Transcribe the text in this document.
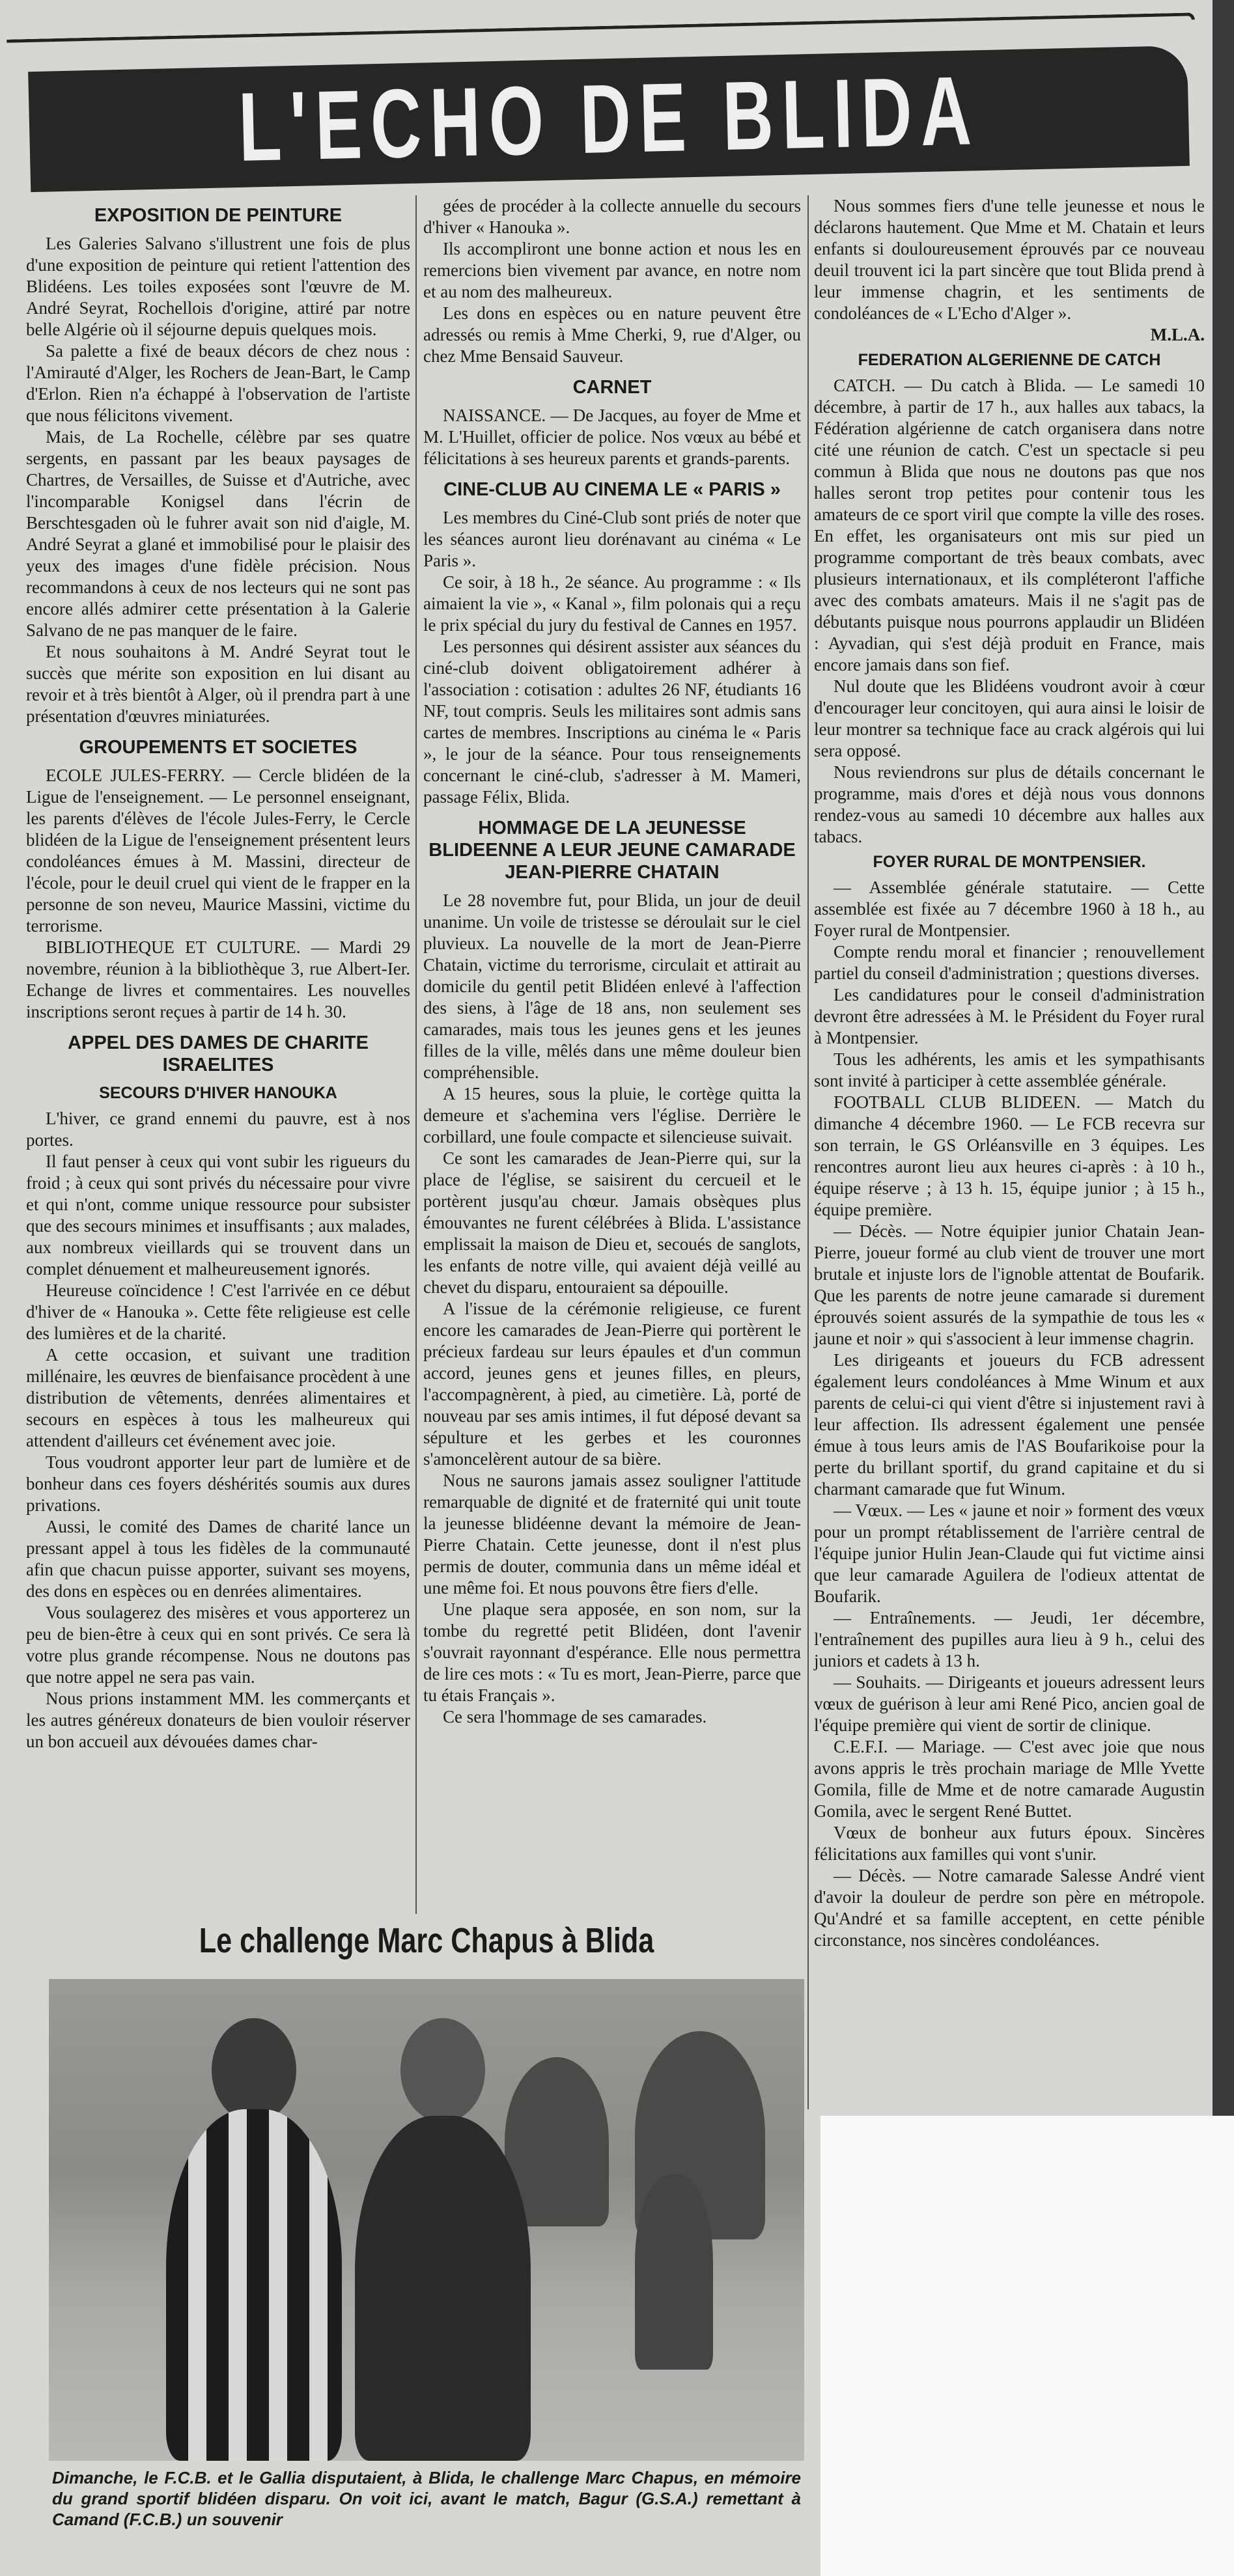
L'ECHO DE BLIDA
EXPOSITION DE PEINTURE

Les Galeries Salvano s'illustrent une fois de plus d'une exposition de peinture qui retient l'attention des Blidéens. Les toiles exposées sont l'œuvre de M. André Seyrat, Rochellois d'origine, attiré par notre belle Algérie où il séjourne depuis quelques mois.

Sa palette a fixé de beaux décors de chez nous : l'Amirauté d'Alger, les Rochers de Jean-Bart, le Camp d'Erlon. Rien n'a échappé à l'observation de l'artiste que nous félicitons vivement.

Mais, de La Rochelle, célèbre par ses quatre sergents, en passant par les beaux paysages de Chartres, de Versailles, de Suisse et d'Autriche, avec l'incomparable Konigsel dans l'écrin de Berschtesgaden où le fuhrer avait son nid d'aigle, M. André Seyrat a glané et immobilisé pour le plaisir des yeux des images d'une fidèle précision. Nous recommandons à ceux de nos lecteurs qui ne sont pas encore allés admirer cette présentation à la Galerie Salvano de ne pas manquer de le faire.

Et nous souhaitons à M. André Seyrat tout le succès que mérite son exposition en lui disant au revoir et à très bientôt à Alger, où il prendra part à une présentation d'œuvres miniaturées.

GROUPEMENTS ET SOCIETES

ECOLE JULES-FERRY. — Cercle blidéen de la Ligue de l'enseignement. — Le personnel enseignant, les parents d'élèves de l'école Jules-Ferry, le Cercle blidéen de la Ligue de l'enseignement présentent leurs condoléances émues à M. Massini, directeur de l'école, pour le deuil cruel qui vient de le frapper en la personne de son neveu, Maurice Massini, victime du terrorisme.

BIBLIOTHEQUE ET CULTURE. — Mardi 29 novembre, réunion à la bibliothèque 3, rue Albert-Ier. Echange de livres et commentaires. Les nouvelles inscriptions seront reçues à partir de 14 h. 30.

APPEL DES DAMES DE CHARITE ISRAELITES
SECOURS D'HIVER HANOUKA

L'hiver, ce grand ennemi du pauvre, est à nos portes.

Il faut penser à ceux qui vont subir les rigueurs du froid ; à ceux qui sont privés du nécessaire pour vivre et qui n'ont, comme unique ressource pour subsister que des secours minimes et insuffisants ; aux malades, aux nombreux vieillards qui se trouvent dans un complet dénuement et malheureusement ignorés.

Heureuse coïncidence ! C'est l'arrivée en ce début d'hiver de « Hanouka ». Cette fête religieuse est celle des lumières et de la charité.

A cette occasion, et suivant une tradition millénaire, les œuvres de bienfaisance procèdent à une distribution de vêtements, denrées alimentaires et secours en espèces à tous les malheureux qui attendent d'ailleurs cet événement avec joie.

Tous voudront apporter leur part de lumière et de bonheur dans ces foyers déshérités soumis aux dures privations.

Aussi, le comité des Dames de charité lance un pressant appel à tous les fidèles de la communauté afin que chacun puisse apporter, suivant ses moyens, des dons en espèces ou en denrées alimentaires.

Vous soulagerez des misères et vous apporterez un peu de bien-être à ceux qui en sont privés. Ce sera là votre plus grande récompense. Nous ne doutons pas que notre appel ne sera pas vain.

Nous prions instamment MM. les commerçants et les autres généreux donateurs de bien vouloir réserver un bon accueil aux dévouées dames char-

gées de procéder à la collecte annuelle du secours d'hiver « Hanouka ».

Ils accompliront une bonne action et nous les en remercions bien vivement par avance, en notre nom et au nom des malheureux.

Les dons en espèces ou en nature peuvent être adressés ou remis à Mme Cherki, 9, rue d'Alger, ou chez Mme Bensaid Sauveur.

CARNET

NAISSANCE. — De Jacques, au foyer de Mme et M. L'Huillet, officier de police. Nos vœux au bébé et félicitations à ses heureux parents et grands-parents.

CINE-CLUB AU CINEMA LE « PARIS »

Les membres du Ciné-Club sont priés de noter que les séances auront lieu dorénavant au cinéma « Le Paris ».

Ce soir, à 18 h., 2e séance. Au programme : « Ils aimaient la vie », « Kanal », film polonais qui a reçu le prix spécial du jury du festival de Cannes en 1957.

Les personnes qui désirent assister aux séances du ciné-club doivent obligatoirement adhérer à l'association : cotisation : adultes 26 NF, étudiants 16 NF, tout compris. Seuls les militaires sont admis sans cartes de membres. Inscriptions au cinéma le « Paris », le jour de la séance. Pour tous renseignements concernant le ciné-club, s'adresser à M. Mameri, passage Félix, Blida.

HOMMAGE DE LA JEUNESSE BLIDEENNE A LEUR JEUNE CAMARADE JEAN-PIERRE CHATAIN

Le 28 novembre fut, pour Blida, un jour de deuil unanime. Un voile de tristesse se déroulait sur le ciel pluvieux. La nouvelle de la mort de Jean-Pierre Chatain, victime du terrorisme, circulait et attirait au domicile du gentil petit Blidéen enlevé à l'affection des siens, à l'âge de 18 ans, non seulement ses camarades, mais tous les jeunes gens et les jeunes filles de la ville, mêlés dans une même douleur bien compréhensible.

A 15 heures, sous la pluie, le cortège quitta la demeure et s'achemina vers l'église. Derrière le corbillard, une foule compacte et silencieuse suivait.

Ce sont les camarades de Jean-Pierre qui, sur la place de l'église, se saisirent du cercueil et le portèrent jusqu'au chœur. Jamais obsèques plus émouvantes ne furent célébrées à Blida. L'assistance emplissait la maison de Dieu et, secoués de sanglots, les enfants de notre ville, qui avaient déjà veillé au chevet du disparu, entouraient sa dépouille.

A l'issue de la cérémonie religieuse, ce furent encore les camarades de Jean-Pierre qui portèrent le précieux fardeau sur leurs épaules et d'un commun accord, jeunes gens et jeunes filles, en pleurs, l'accompagnèrent, à pied, au cimetière. Là, porté de nouveau par ses amis intimes, il fut déposé devant sa sépulture et les gerbes et les couronnes s'amoncelèrent autour de sa bière.

Nous ne saurons jamais assez souligner l'attitude remarquable de dignité et de fraternité qui unit toute la jeunesse blidéenne devant la mémoire de Jean-Pierre Chatain. Cette jeunesse, dont il n'est plus permis de douter, communia dans un même idéal et une même foi. Et nous pouvons être fiers d'elle.

Une plaque sera apposée, en son nom, sur la tombe du regretté petit Blidéen, dont l'avenir s'ouvrait rayonnant d'espérance. Elle nous permettra de lire ces mots : « Tu es mort, Jean-Pierre, parce que tu étais Français ».

Ce sera l'hommage de ses camarades.

Nous sommes fiers d'une telle jeunesse et nous le déclarons hautement. Que Mme et M. Chatain et leurs enfants si douloureusement éprouvés par ce nouveau deuil trouvent ici la part sincère que tout Blida prend à leur immense chagrin, et les sentiments de condoléances de « L'Echo d'Alger ».

M.L.A.

FEDERATION ALGERIENNE DE CATCH

CATCH. — Du catch à Blida. — Le samedi 10 décembre, à partir de 17 h., aux halles aux tabacs, la Fédération algérienne de catch organisera dans notre cité une réunion de catch. C'est un spectacle si peu commun à Blida que nous ne doutons pas que nos halles seront trop petites pour contenir tous les amateurs de ce sport viril que compte la ville des roses. En effet, les organisateurs ont mis sur pied un programme comportant de très beaux combats, avec plusieurs internationaux, et ils compléteront l'affiche avec des combats amateurs. Mais il ne s'agit pas de débutants puisque nous pourrons applaudir un Blidéen : Ayvadian, qui s'est déjà produit en France, mais encore jamais dans son fief.

Nul doute que les Blidéens voudront avoir à cœur d'encourager leur concitoyen, qui aura ainsi le loisir de leur montrer sa technique face au crack algérois qui lui sera opposé.

Nous reviendrons sur plus de détails concernant le programme, mais d'ores et déjà nous vous donnons rendez-vous au samedi 10 décembre aux halles aux tabacs.

FOYER RURAL DE MONTPENSIER.

— Assemblée générale statutaire. — Cette assemblée est fixée au 7 décembre 1960 à 18 h., au Foyer rural de Montpensier.

Compte rendu moral et financier ; renouvellement partiel du conseil d'administration ; questions diverses.

Les candidatures pour le conseil d'administration devront être adressées à M. le Président du Foyer rural à Montpensier.

Tous les adhérents, les amis et les sympathisants sont invité à participer à cette assemblée générale.

FOOTBALL CLUB BLIDEEN. — Match du dimanche 4 décembre 1960. — Le FCB recevra sur son terrain, le GS Orléansville en 3 équipes. Les rencontres auront lieu aux heures ci-après : à 10 h., équipe réserve ; à 13 h. 15, équipe junior ; à 15 h., équipe première.

— Décès. — Notre équipier junior Chatain Jean-Pierre, joueur formé au club vient de trouver une mort brutale et injuste lors de l'ignoble attentat de Boufarik. Que les parents de notre jeune camarade si durement éprouvés soient assurés de la sympathie de tous les « jaune et noir » qui s'associent à leur immense chagrin.

Les dirigeants et joueurs du FCB adressent également leurs condoléances à Mme Winum et aux parents de celui-ci qui vient d'être si injustement ravi à leur affection. Ils adressent également une pensée émue à tous leurs amis de l'AS Boufarikoise pour la perte du brillant sportif, du grand capitaine et du si charmant camarade que fut Winum.

— Vœux. — Les « jaune et noir » forment des vœux pour un prompt rétablissement de l'arrière central de l'équipe junior Hulin Jean-Claude qui fut victime ainsi que leur camarade Aguilera de l'odieux attentat de Boufarik.

— Entraînements. — Jeudi, 1er décembre, l'entraînement des pupilles aura lieu à 9 h., celui des juniors et cadets à 13 h.

— Souhaits. — Dirigeants et joueurs adressent leurs vœux de guérison à leur ami René Pico, ancien goal de l'équipe première qui vient de sortir de clinique.

C.E.F.I. — Mariage. — C'est avec joie que nous avons appris le très prochain mariage de Mlle Yvette Gomila, fille de Mme et de notre camarade Augustin Gomila, avec le sergent René Buttet.

Vœux de bonheur aux futurs époux. Sincères félicitations aux familles qui vont s'unir.

— Décès. — Notre camarade Salesse André vient d'avoir la douleur de perdre son père en métropole. Qu'André et sa famille acceptent, en cette pénible circonstance, nos sincères condoléances.

Le challenge Marc Chapus à Blida
Dimanche, le F.C.B. et le Gallia disputaient, à Blida, le challenge Marc Chapus, en mémoire du grand sportif blidéen disparu. On voit ici, avant le match, Bagur (G.S.A.) remettant à Camand (F.C.B.) un souvenir
